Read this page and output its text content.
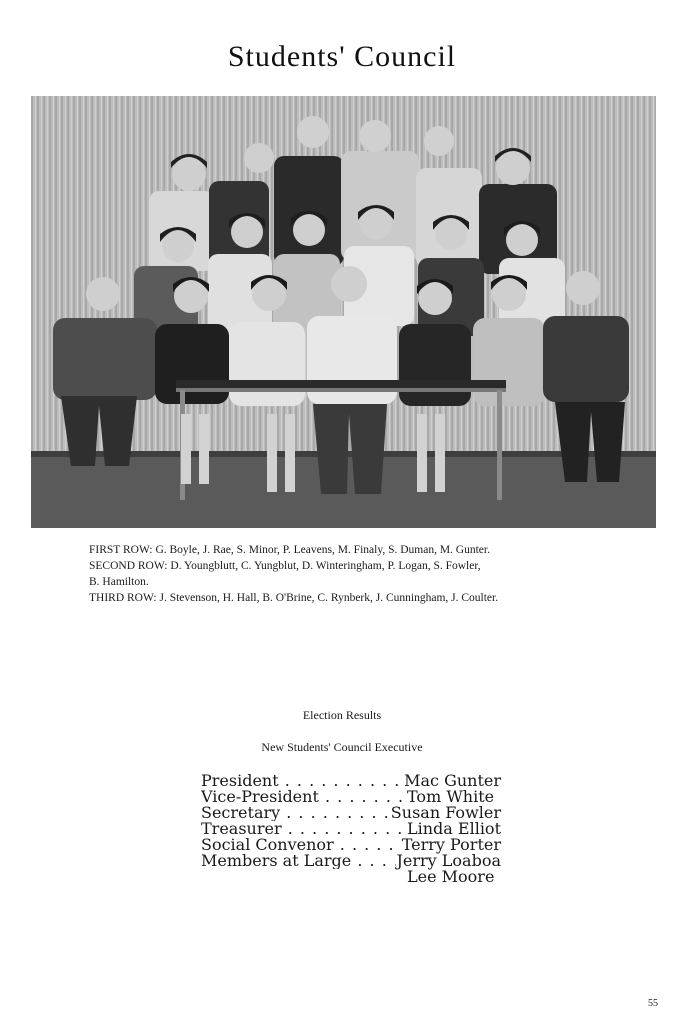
Students' Council
FIRST ROW: G. Boyle, J. Rae, S. Minor, P. Leavens, M. Finaly, S. Duman, M. Gunter.
SECOND ROW: D. Youngblutt, C. Yungblut, D. Winteringham, P. Logan, S. Fowler,
B. Hamilton.
THIRD ROW: J. Stevenson, H. Hall, B. O'Brine, C. Rynberk, J. Cunningham, J. Coulter.
Election Results
New Students' Council Executive
President . . .	Mac Gunter
Vice-President . . .	Tom White
Secretary . . .	Susan Fowler
Treasurer . . .	Linda Elliot
Social Convenor . . .	Terry Porter
Members at Large . . .	Jerry Loaboa
Lee Moore
55
